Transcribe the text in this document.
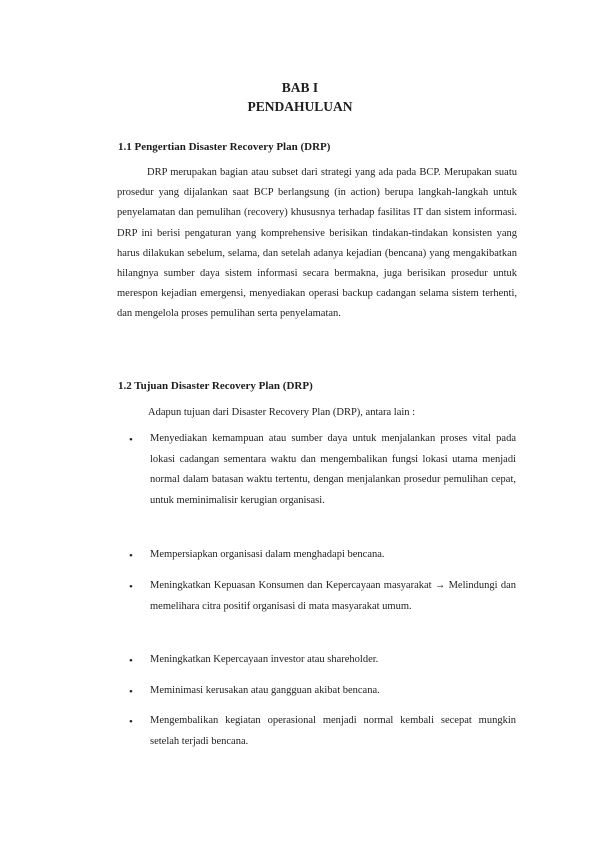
BAB I
PENDAHULUAN
1.1 Pengertian Disaster Recovery Plan (DRP)

DRP merupakan bagian atau subset dari strategi yang ada pada BCP. Merupakan suatu prosedur yang dijalankan saat BCP berlangsung (in action) berupa langkah-langkah untuk penyelamatan dan pemulihan (recovery) khususnya terhadap fasilitas IT dan sistem informasi. DRP ini berisi pengaturan yang komprehensive berisikan tindakan-tindakan konsisten yang harus dilakukan sebelum, selama, dan setelah adanya kejadian (bencana) yang mengakibatkan hilangnya sumber daya sistem informasi secara bermakna, juga berisikan prosedur untuk merespon kejadian emergensi, menyediakan operasi backup cadangan selama sistem terhenti, dan mengelola proses pemulihan serta penyelamatan.

1.2 Tujuan Disaster Recovery Plan (DRP)
Adapun tujuan dari Disaster Recovery Plan (DRP), antara lain :
• Menyediakan kemampuan atau sumber daya untuk menjalankan proses vital pada lokasi cadangan sementara waktu dan mengembalikan fungsi lokasi utama menjadi normal dalam batasan waktu tertentu, dengan menjalankan prosedur pemulihan cepat, untuk meminimalisir kerugian organisasi.

• Mempersiapkan organisasi dalam menghadapi bencana.

• Meningkatkan Kepuasan Konsumen dan Kepercayaan masyarakat → Melindungi dan memelihara citra positif organisasi di mata masyarakat umum.

• Meningkatkan Kepercayaan investor atau shareholder.

• Meminimasi kerusakan atau gangguan akibat bencana.

• Mengembalikan kegiatan operasional menjadi normal kembali secepat mungkin setelah terjadi bencana.
